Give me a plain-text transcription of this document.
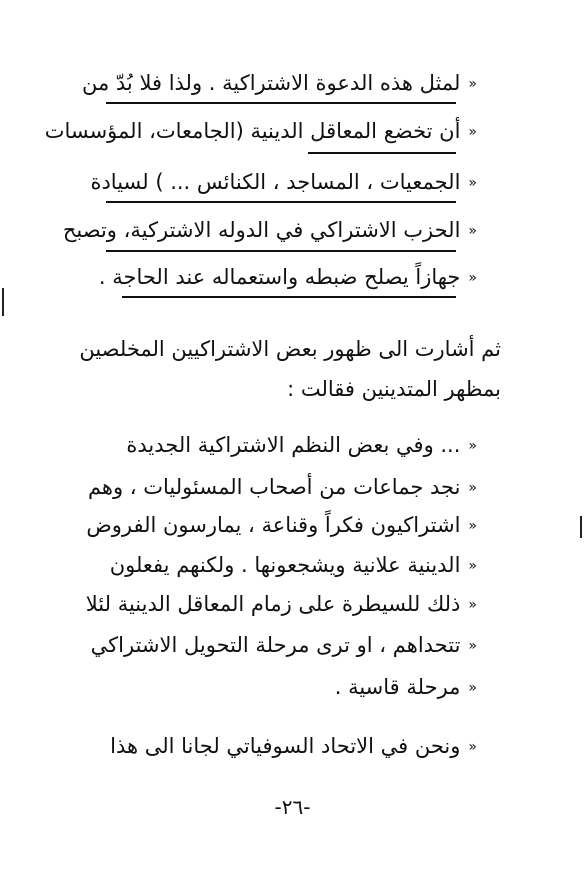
«لمثل هذه الدعوة الاشتراكية . ولذا فلا بُدّ من
«أن تخضع المعاقل الدينية (الجامعات، المؤسسات
«الجمعيات ، المساجد ، الكنائس ... ) لسيادة
«الحزب الاشتراكي في الدوله الاشتركية، وتصبح
«جهازاً يصلح ضبطه واستعماله عند الحاجة .
ثم أشارت الى ظهور بعض الاشتراكيين المخلصين
بمظهر المتدينين فقالت :
«... وفي بعض النظم الاشتراكية الجديدة
«نجد جماعات من أصحاب المسئوليات ، وهم
«اشتراكيون فكراً وقناعة ، يمارسون الفروض
«الدينية علانية ويشجعونها . ولكنهم يفعلون
«ذلك للسيطرة على زمام المعاقل الدينية لئلا
«تتحداهم ، او ترى مرحلة التحويل الاشتراكي
«مرحلة قاسية .
«ونحن في الاتحاد السوفياتي لجانا الى هذا
-٢٦-
